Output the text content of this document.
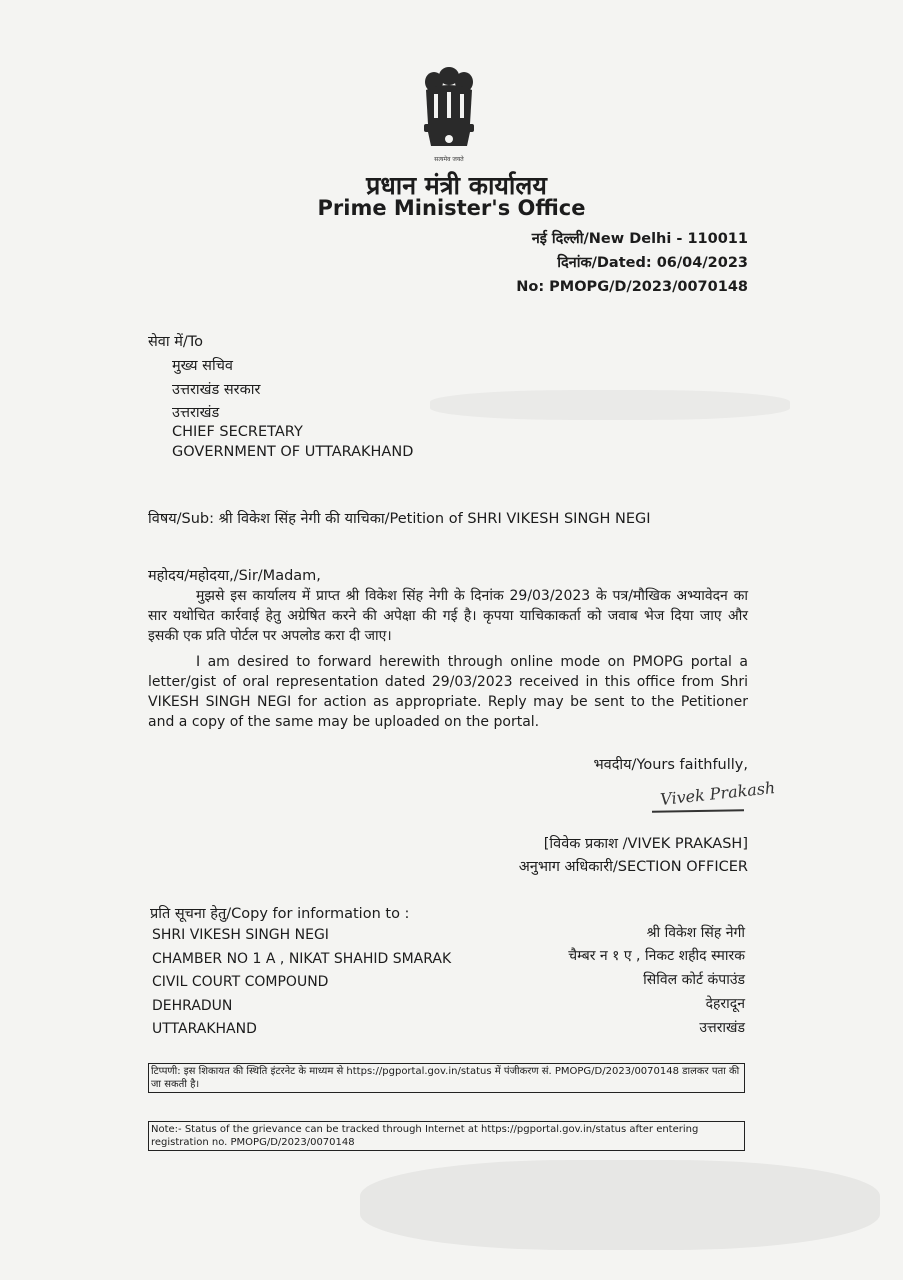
सत्यमेव जयते
प्रधान मंत्री कार्यालय
Prime Minister's Office
नई दिल्ली/New Delhi - 110011
दिनांक/Dated: 06/04/2023
No: PMOPG/D/2023/0070148
सेवा में/To
मुख्य सचिव
उत्तराखंड सरकार
उत्तराखंड
CHIEF SECRETARY
GOVERNMENT OF UTTARAKHAND
विषय/Sub: श्री विकेश सिंह नेगी की याचिका/Petition of SHRI VIKESH SINGH NEGI
महोदय/महोदया,/Sir/Madam,
मुझसे इस कार्यालय में प्राप्त श्री विकेश सिंह नेगी के दिनांक 29/03/2023 के पत्र/मौखिक अभ्यावेदन का सार यथोचित कार्रवाई हेतु अग्रेषित करने की अपेक्षा की गई है। कृपया याचिकाकर्ता को जवाब भेज दिया जाए और इसकी एक प्रति पोर्टल पर अपलोड करा दी जाए।
I am desired to forward herewith through online mode on PMOPG portal a letter/gist of oral representation dated 29/03/2023 received in this office from Shri VIKESH SINGH NEGI for action as appropriate. Reply may be sent to the Petitioner and a copy of the same may be uploaded on the portal.
भवदीय/Yours faithfully,
Vivek Prakash
[विवेक प्रकाश /VIVEK PRAKASH]
अनुभाग अधिकारी/SECTION OFFICER
प्रति सूचना हेतु/Copy for information to :
SHRI VIKESH SINGH NEGI
CHAMBER NO 1 A , NIKAT SHAHID SMARAK
CIVIL COURT COMPOUND
DEHRADUN
UTTARAKHAND
श्री विकेश सिंह नेगी
चैम्बर न १ ए , निकट शहीद स्मारक
सिविल कोर्ट कंपाउंड
देहरादून
उत्तराखंड
टिप्पणी: इस शिकायत की स्थिति इंटरनेट के माध्यम से https://pgportal.gov.in/status में पंजीकरण सं. PMOPG/D/2023/0070148 डालकर पता की जा सकती है।
Note:- Status of the grievance can be tracked through Internet at https://pgportal.gov.in/status after entering registration no. PMOPG/D/2023/0070148
